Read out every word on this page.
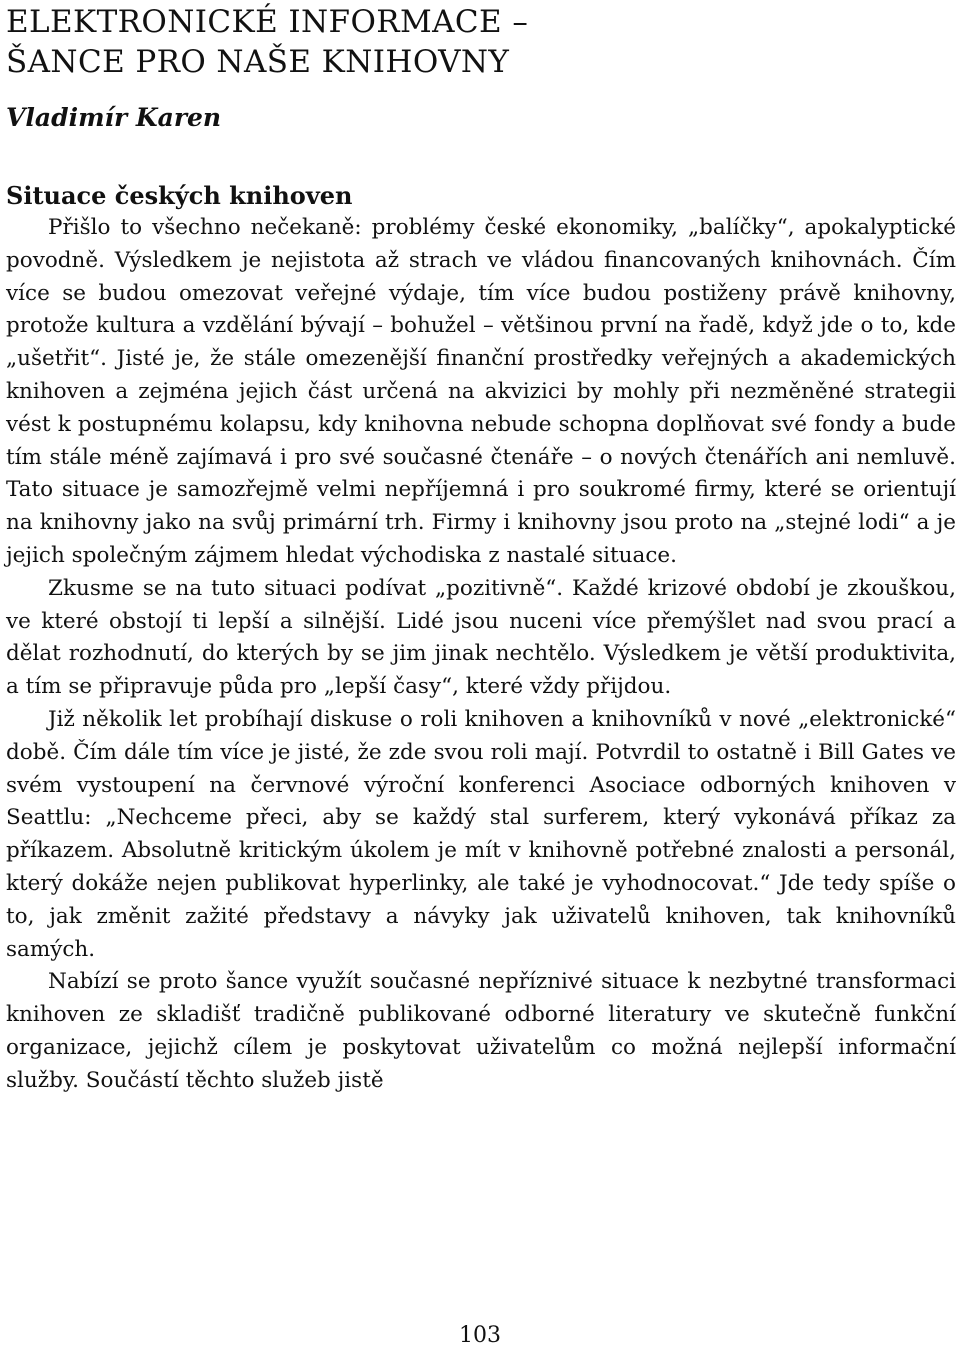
ELEKTRONICKÉ INFORMACE –
ŠANCE PRO NAŠE KNIHOVNY
Vladimír Karen
Situace českých knihoven

Přišlo to všechno nečekaně: problémy české ekonomiky, „balíčky“, apokalyptické povodně. Výsledkem je nejistota až strach ve vládou financovaných knihovnách. Čím více se budou omezovat veřejné výdaje, tím více budou postiženy právě knihovny, protože kultura a vzdělání bývají – bohužel – většinou první na řadě, když jde o to, kde „ušetřit“. Jisté je, že stále omezenější finanční prostředky veřejných a akademických knihoven a zejména jejich část určená na akvizici by mohly při nezměněné strategii vést k postupnému kolapsu, kdy knihovna nebude schopna doplňovat své fondy a bude tím stále méně zajímavá i pro své současné čtenáře – o nových čtenářích ani nemluvě. Tato situace je samozřejmě velmi nepříjemná i pro soukromé firmy, které se orientují na knihovny jako na svůj primární trh. Firmy i knihovny jsou proto na „stejné lodi“ a je jejich společným zájmem hledat východiska z nastalé situace.

Zkusme se na tuto situaci podívat „pozitivně“. Každé krizové období je zkouškou, ve které obstojí ti lepší a silnější. Lidé jsou nuceni více přemýšlet nad svou prací a dělat rozhodnutí, do kterých by se jim jinak nechtělo. Výsledkem je větší produktivita, a tím se připravuje půda pro „lepší časy“, které vždy přijdou.

Již několik let probíhají diskuse o roli knihoven a knihovníků v nové „elektronické“ době. Čím dále tím více je jisté, že zde svou roli mají. Potvrdil to ostatně i Bill Gates ve svém vystoupení na červnové výroční konferenci Asociace odborných knihoven v Seattlu: „Nechceme přeci, aby se každý stal surferem, který vykonává příkaz za příkazem. Absolutně kritickým úkolem je mít v knihovně potřebné znalosti a personál, který dokáže nejen publikovat hyperlinky, ale také je vyhodnocovat.“ Jde tedy spíše o to, jak změnit zažité představy a návyky jak uživatelů knihoven, tak knihovníků samých.

Nabízí se proto šance využít současné nepříznivé situace k nezbytné transformaci knihoven ze skladišť tradičně publikované odborné literatury ve skutečně funkční organizace, jejichž cílem je poskytovat uživatelům co možná nejlepší informační služby. Součástí těchto služeb jistě

103
